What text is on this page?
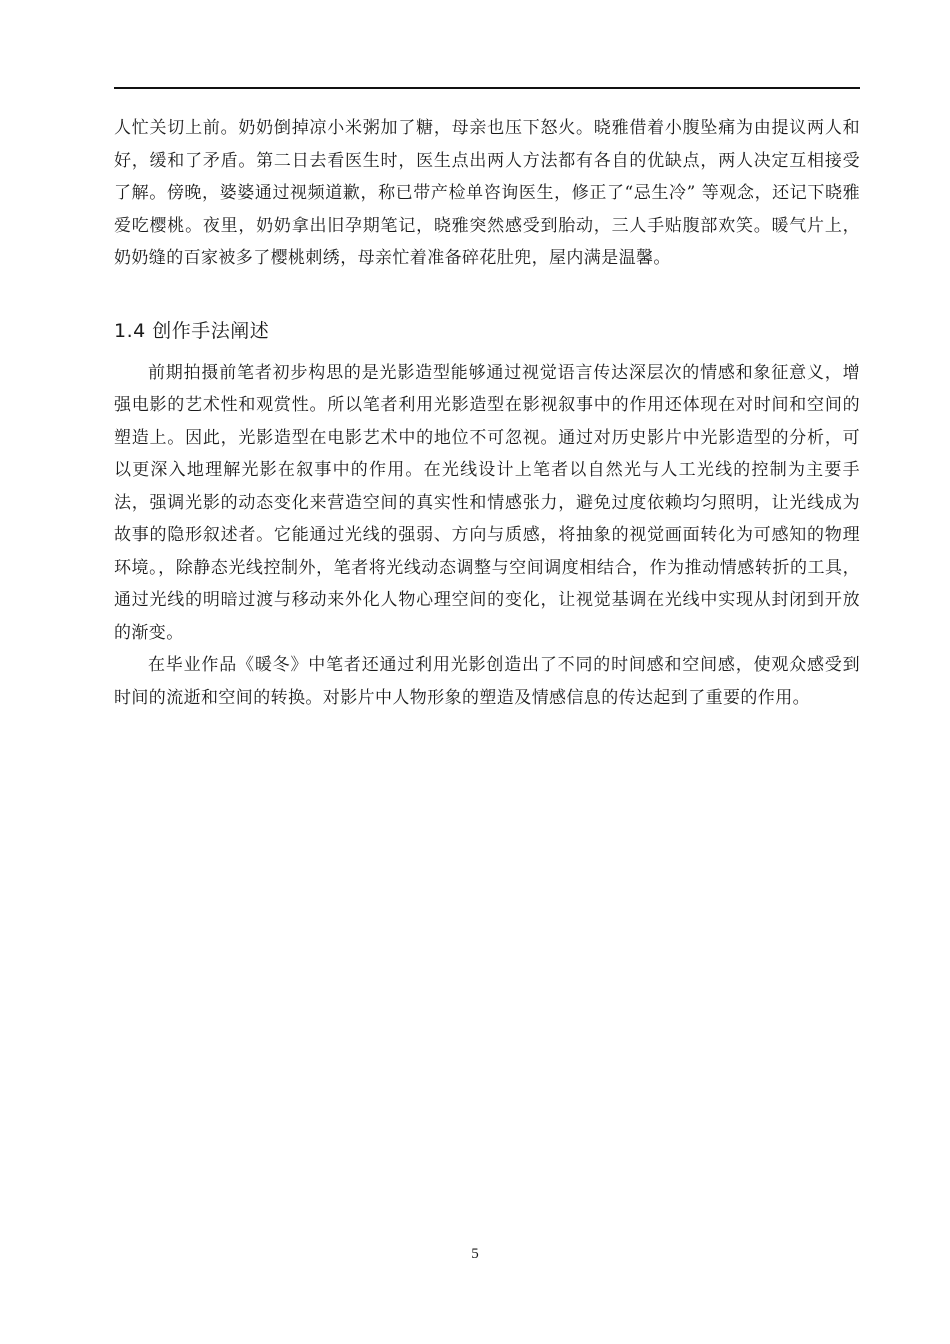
人忙关切上前。奶奶倒掉凉小米粥加了糖，母亲也压下怒火。晓雅借着小腹坠痛为由提议两人和好，缓和了矛盾。第二日去看医生时，医生点出两人方法都有各自的优缺点，两人决定互相接受了解。傍晚，婆婆通过视频道歉，称已带产检单咨询医生，修正了“忌生冷” 等观念，还记下晓雅爱吃樱桃。夜里，奶奶拿出旧孕期笔记，晓雅突然感受到胎动，三人手贴腹部欢笑。暖气片上，奶奶缝的百家被多了樱桃刺绣，母亲忙着准备碎花肚兜，屋内满是温馨。

1.4 创作手法阐述

前期拍摄前笔者初步构思的是光影造型能够通过视觉语言传达深层次的情感和象征意义，增强电影的艺术性和观赏性。所以笔者利用光影造型在影视叙事中的作用还体现在对时间和空间的塑造上。因此，光影造型在电影艺术中的地位不可忽视。通过对历史影片中光影造型的分析，可以更深入地理解光影在叙事中的作用。在光线设计上笔者以自然光与人工光线的控制为主要手法，强调光影的动态变化来营造空间的真实性和情感张力，避免过度依赖均匀照明，让光线成为故事的隐形叙述者。它能通过光线的强弱、方向与质感，将抽象的视觉画面转化为可感知的物理环境。，除静态光线控制外，笔者将光线动态调整与空间调度相结合，作为推动情感转折的工具，通过光线的明暗过渡与移动来外化人物心理空间的变化，让视觉基调在光线中实现从封闭到开放的渐变。

在毕业作品《暖冬》中笔者还通过利用光影创造出了不同的时间感和空间感，使观众感受到时间的流逝和空间的转换。对影片中人物形象的塑造及情感信息的传达起到了重要的作用。

5
